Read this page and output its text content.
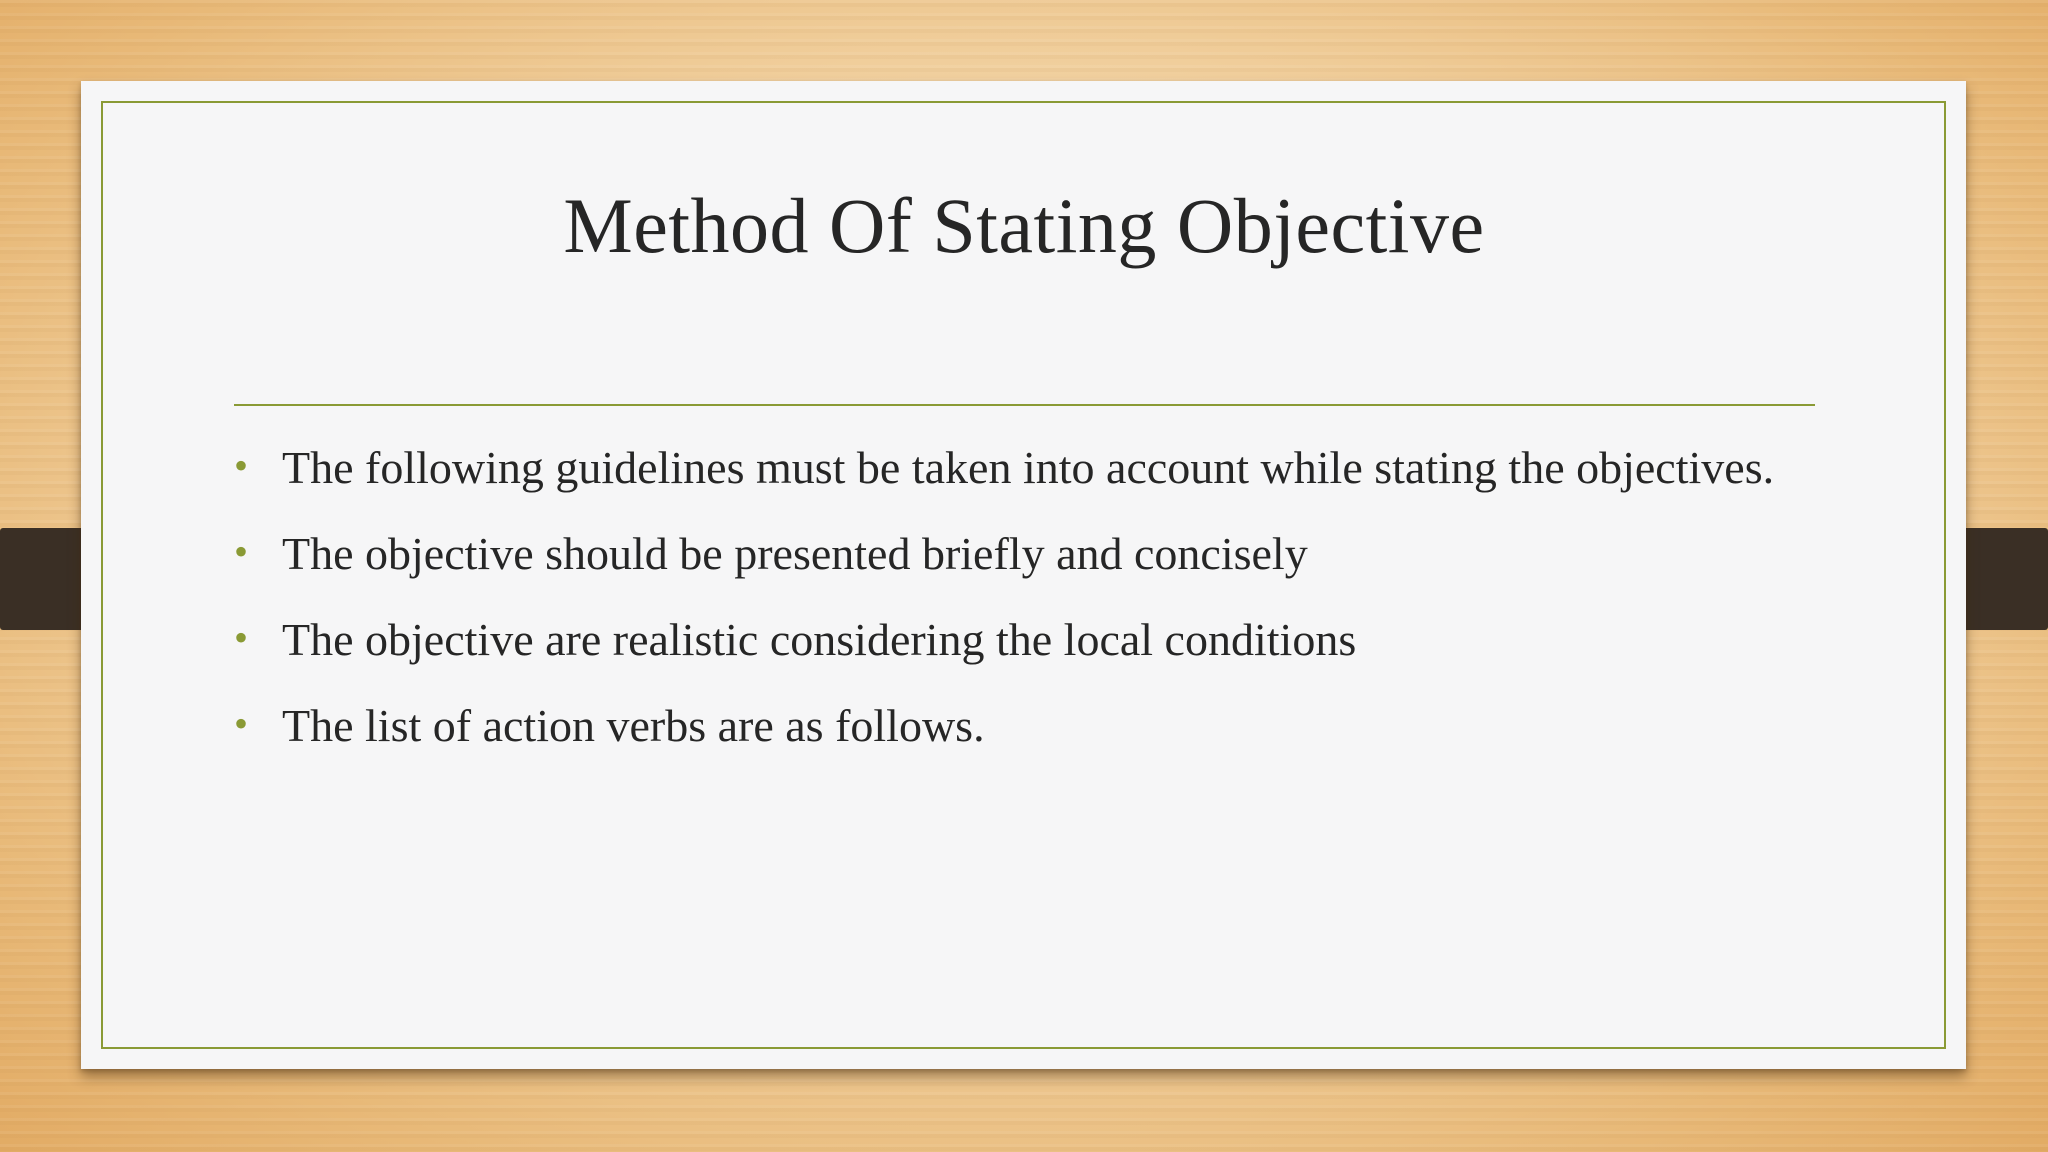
Method Of Stating Objective
• The following guidelines must be taken into account while stating the objectives.
• The objective should be presented briefly and concisely
• The objective are realistic considering the local conditions
• The list of action verbs are as follows.
